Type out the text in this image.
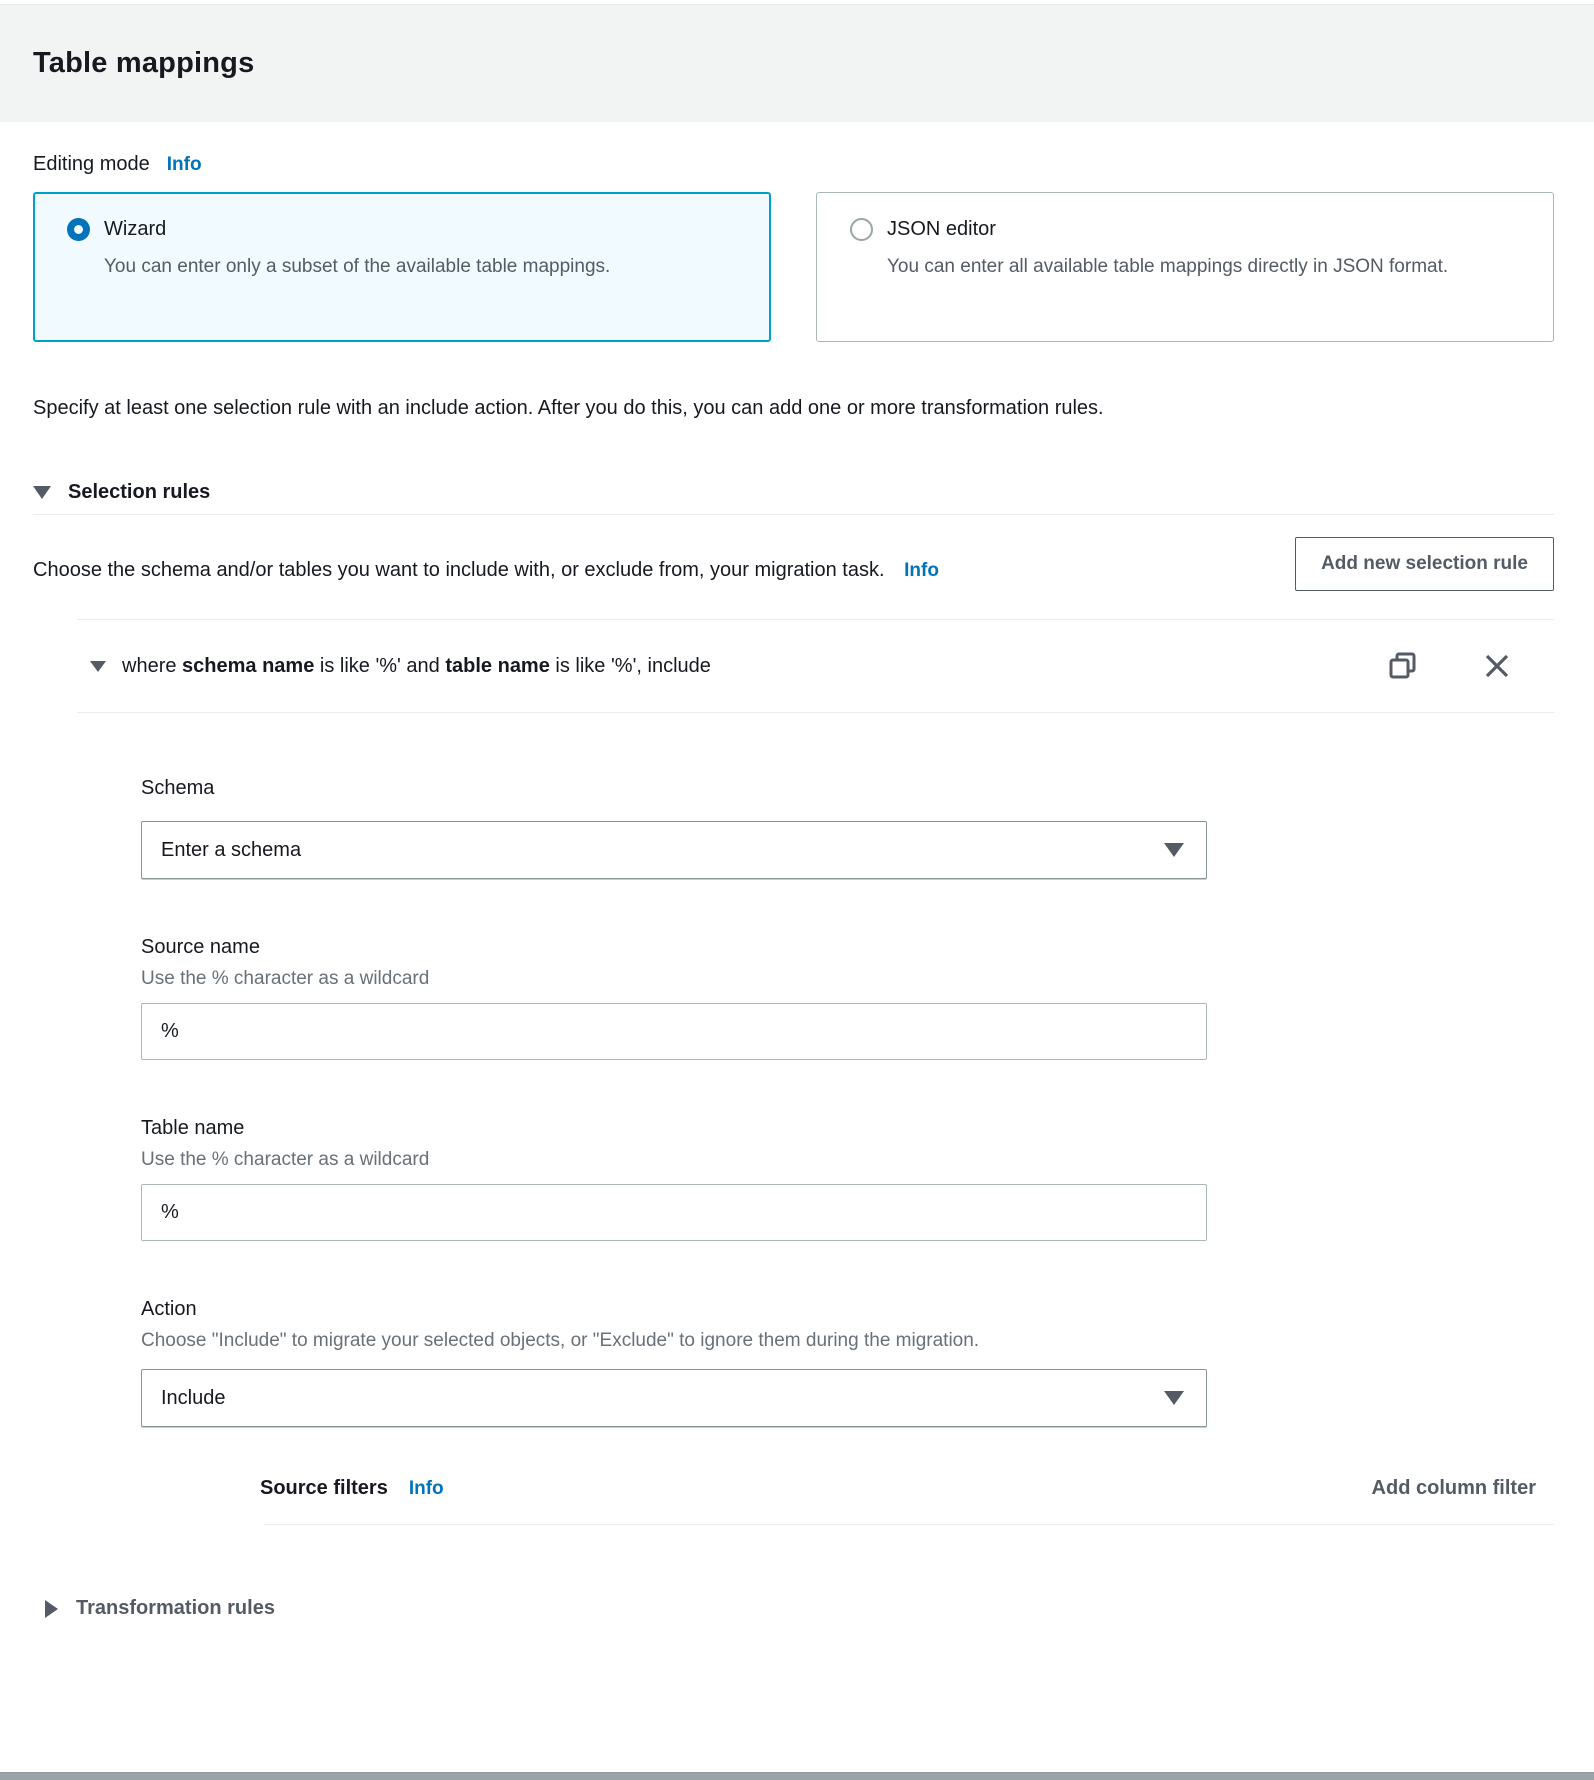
Table mappings
Editing mode Info
Wizard
You can enter only a subset of the available table mappings.
JSON editor
You can enter all available table mappings directly in JSON format.
Specify at least one selection rule with an include action. After you do this, you can add one or more transformation rules.
Selection rules
Choose the schema and/or tables you want to include with, or exclude from, your migration task. Info	Add new selection rule
where schema name is like '%' and table name is like '%', include
Schema
Enter a schema
Source name
Use the % character as a wildcard
%
Table name
Use the % character as a wildcard
%
Action
Choose "Include" to migrate your selected objects, or "Exclude" to ignore them during the migration.
Include
Source filters Info	Add column filter
Transformation rules
